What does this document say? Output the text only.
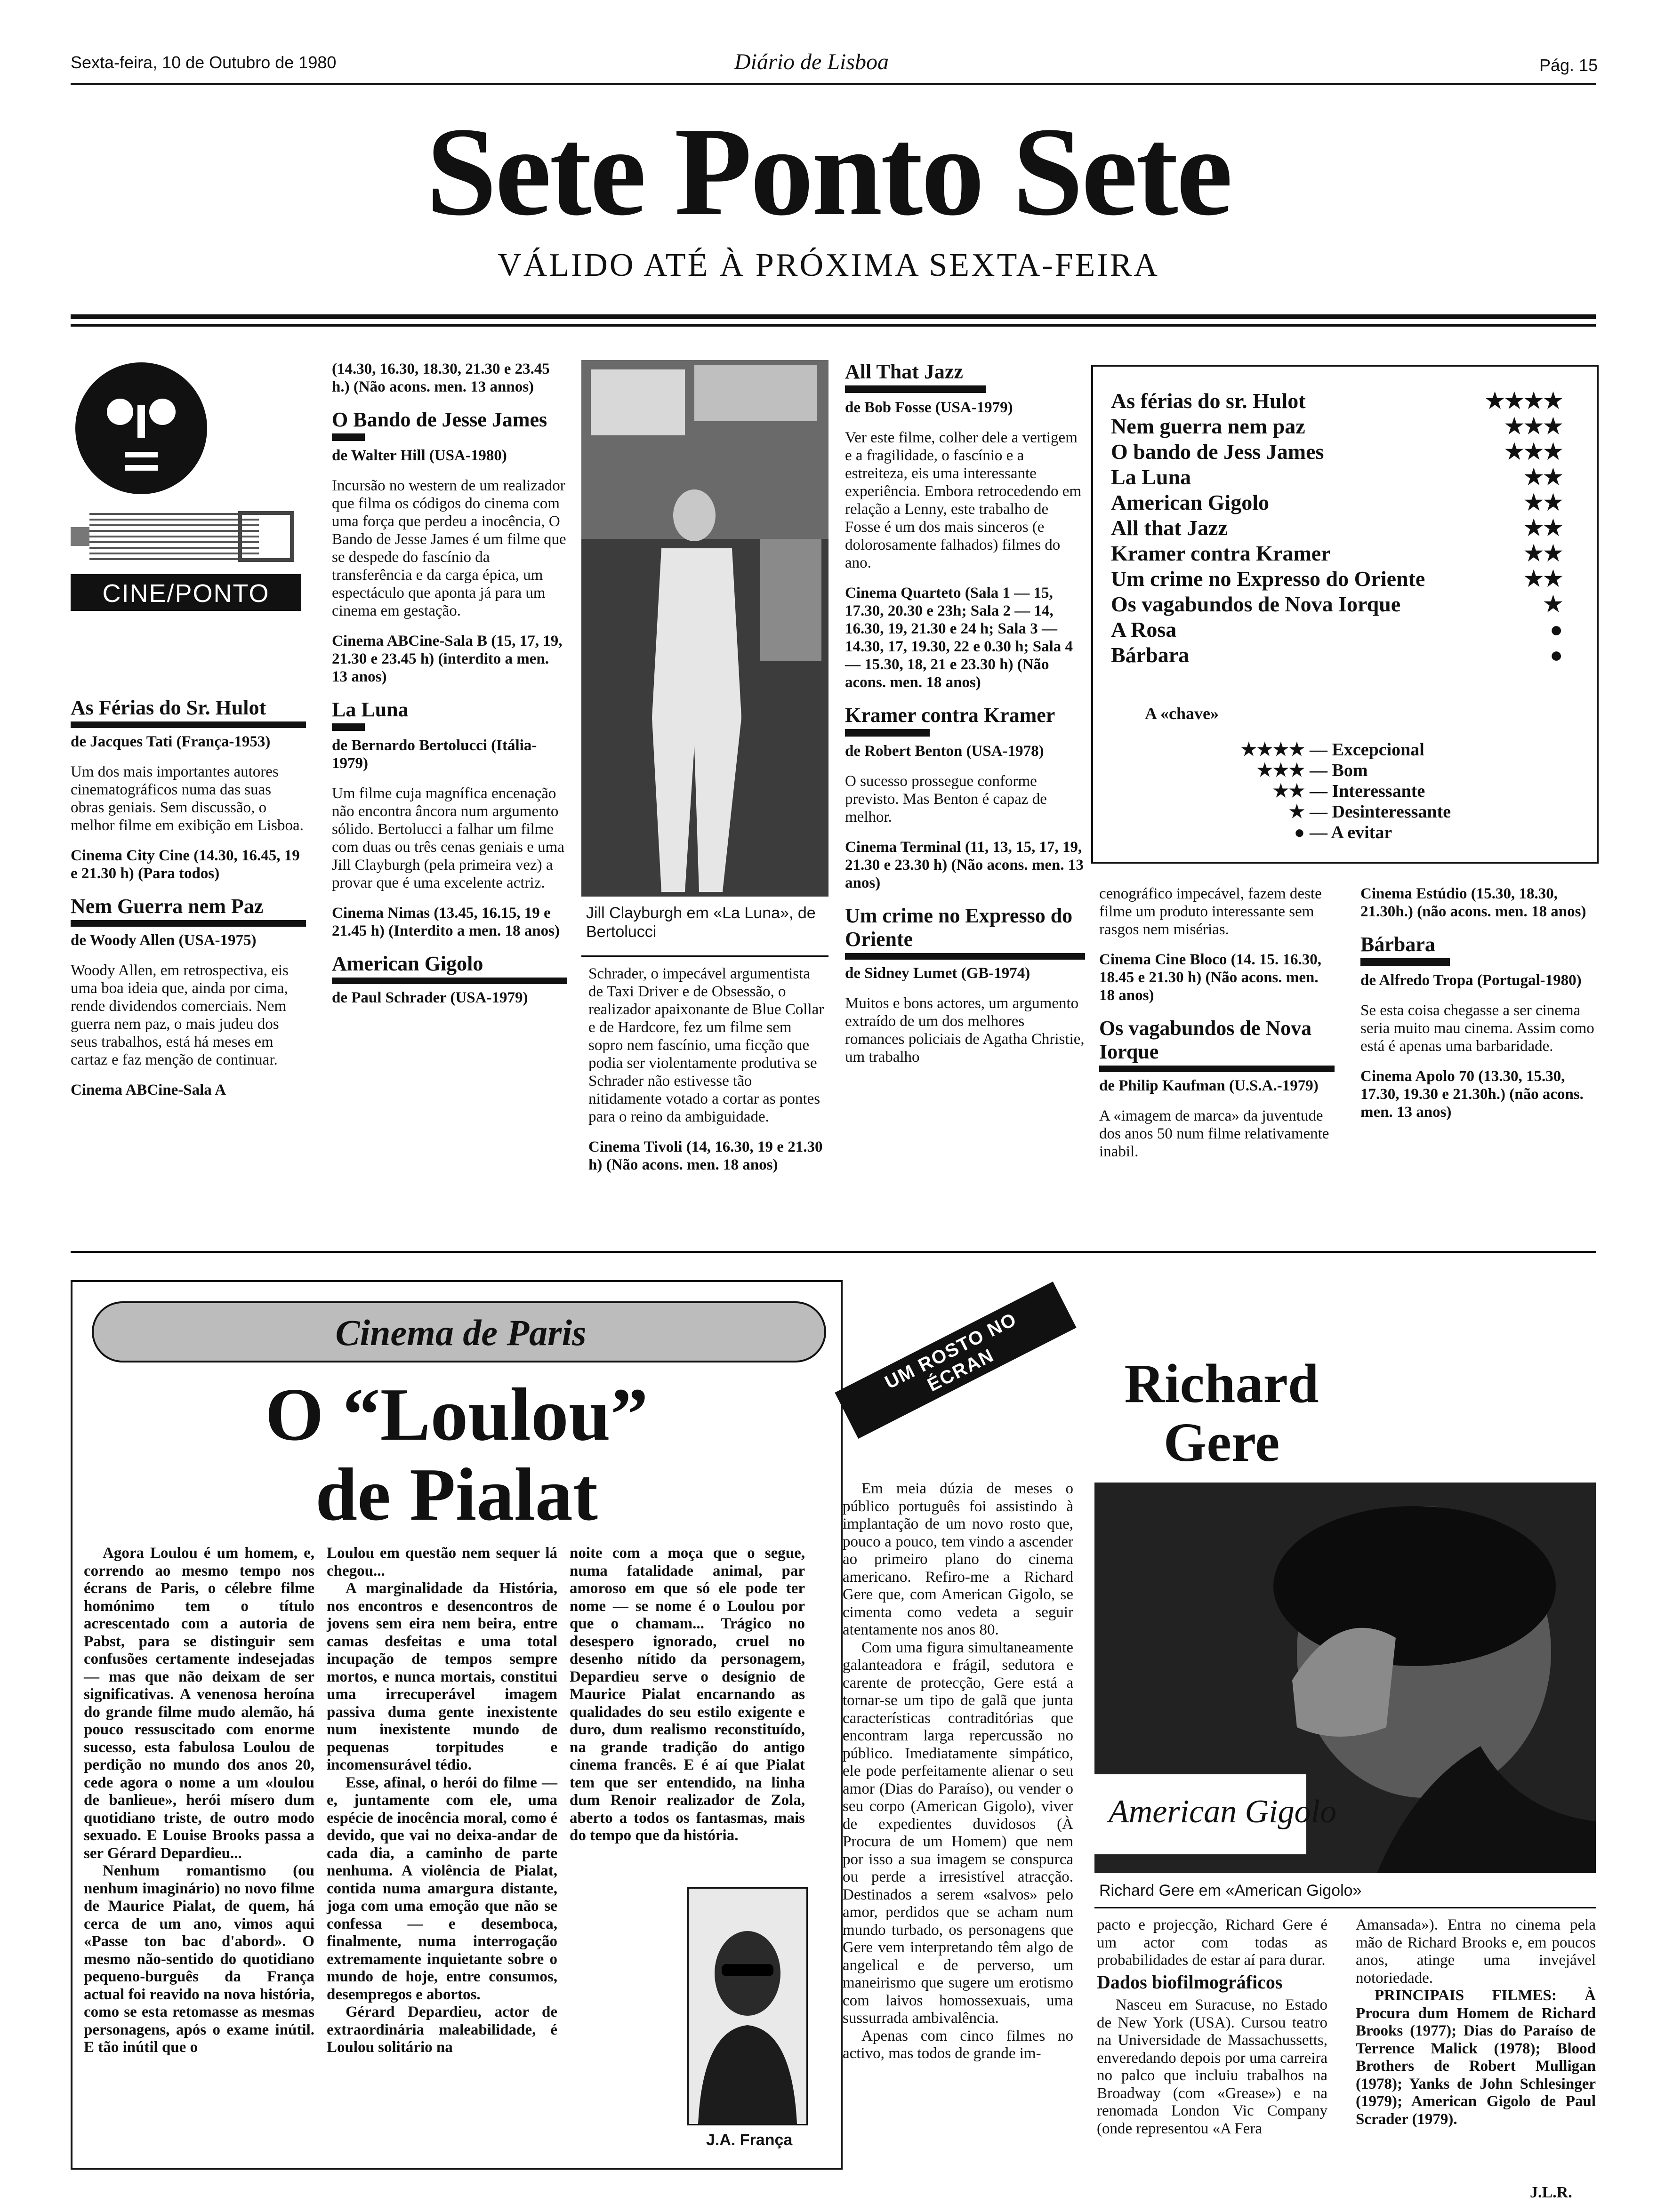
Sexta-feira, 10 de Outubro de 1980	Diário de Lisboa	Pág. 15
Sete Ponto Sete
VÁLIDO ATÉ À PRÓXIMA SEXTA-FEIRA
CINE/PONTO
As Férias do Sr. Hulot

de Jacques Tati (França-1953)

Um dos mais importantes autores cinematográficos numa das suas obras geniais. Sem discussão, o melhor filme em exibição em Lisboa.

Cinema City Cine (14.30, 16.45, 19 e 21.30 h) (Para todos)

Nem Guerra nem Paz

de Woody Allen (USA-1975)

Woody Allen, em retrospectiva, eis uma boa ideia que, ainda por cima, rende dividendos comerciais. Nem guerra nem paz, o mais judeu dos seus trabalhos, está há meses em cartaz e faz menção de continuar.

Cinema ABCine-Sala A

(14.30, 16.30, 18.30, 21.30 e 23.45 h.) (Não acons. men. 13 annos)

O Bando de Jesse James

de Walter Hill (USA-1980)

Incursão no western de um realizador que filma os códigos do cinema com uma força que perdeu a inocência, O Bando de Jesse James é um filme que se despede do fascínio da transferência e da carga épica, um espectáculo que aponta já para um cinema em gestação.

Cinema ABCine-Sala B (15, 17, 19, 21.30 e 23.45 h) (interdito a men. 13 anos)

La Luna

de Bernardo Bertolucci (Itália-1979)

Um filme cuja magnífica encenação não encontra âncora num argumento sólido. Bertolucci a falhar um filme com duas ou três cenas geniais e uma Jill Clayburgh (pela primeira vez) a provar que é uma excelente actriz.

Cinema Nimas (13.45, 16.15, 19 e 21.45 h) (Interdito a men. 18 anos)

American Gigolo

de Paul Schrader (USA-1979)

Jill Clayburgh em «La Luna», de Bertolucci

Schrader, o impecável argumentista de Taxi Driver e de Obsessão, o realizador apaixonante de Blue Collar e de Hardcore, fez um filme sem sopro nem fascínio, uma ficção que podia ser violentamente produtiva se Schrader não estivesse tão nitidamente votado a cortar as pontes para o reino da ambiguidade.

Cinema Tivoli (14, 16.30, 19 e 21.30 h) (Não acons. men. 18 anos)

All That Jazz

de Bob Fosse (USA-1979)

Ver este filme, colher dele a vertigem e a fragilidade, o fascínio e a estreiteza, eis uma interessante experiência. Embora retrocedendo em relação a Lenny, este trabalho de Fosse é um dos mais sinceros (e dolorosamente falhados) filmes do ano.

Cinema Quarteto (Sala 1 — 15, 17.30, 20.30 e 23h; Sala 2 — 14, 16.30, 19, 21.30 e 24 h; Sala 3 — 14.30, 17, 19.30, 22 e 0.30 h; Sala 4 — 15.30, 18, 21 e 23.30 h) (Não acons. men. 18 anos)

Kramer contra Kramer

de Robert Benton (USA-1978)

O sucesso prossegue conforme previsto. Mas Benton é capaz de melhor.

Cinema Terminal (11, 13, 15, 17, 19, 21.30 e 23.30 h) (Não acons. men. 13 anos)

Um crime no Expresso do Oriente

de Sidney Lumet (GB-1974)

Muitos e bons actores, um argumento extraído de um dos melhores romances policiais de Agatha Christie, um trabalho

As férias do sr. Hulot	★★★★
Nem guerra nem paz	★★★
O bando de Jess James	★★★
La Luna	★★
American Gigolo	★★
All that Jazz	★★
Kramer contra Kramer	★★
Um crime no Expresso do Oriente	★★
Os vagabundos de Nova Iorque	★
A Rosa	●
Bárbara	●
A «chave»
★★★★ — Excepcional
★★★ — Bom
★★ — Interessante
★ — Desinteressante
● — A evitar

cenográfico impecável, fazem deste filme um produto interessante sem rasgos nem misérias.

Cinema Cine Bloco (14. 15. 16.30, 18.45 e 21.30 h) (Não acons. men. 18 anos)

Os vagabundos de Nova Iorque

de Philip Kaufman (U.S.A.-1979)

A «imagem de marca» da juventude dos anos 50 num filme relativamente inabil.

Cinema Estúdio (15.30, 18.30, 21.30h.) (não acons. men. 18 anos)

Bárbara

de Alfredo Tropa (Portugal-1980)

Se esta coisa chegasse a ser cinema seria muito mau cinema. Assim como está é apenas uma barbaridade.

Cinema Apolo 70 (13.30, 15.30, 17.30, 19.30 e 21.30h.) (não acons. men. 13 anos)

Cinema de Paris
O “Loulou”
de Pialat

Agora Loulou é um homem, e, correndo ao mesmo tempo nos écrans de Paris, o célebre filme homónimo tem o título acrescentado com a autoria de Pabst, para se distinguir sem confusões certamente indesejadas — mas que não deixam de ser significativas. A venenosa heroína do grande filme mudo alemão, há pouco ressuscitado com enorme sucesso, esta fabulosa Loulou de perdição no mundo dos anos 20, cede agora o nome a um «loulou de banlieue», herói mísero dum quotidiano triste, de outro modo sexuado. E Louise Brooks passa a ser Gérard Depardieu...

Nenhum romantismo (ou nenhum imaginário) no novo filme de Maurice Pialat, de quem, há cerca de um ano, vimos aqui «Passe ton bac d'abord». O mesmo não-sentido do quotidiano pequeno-burguês da França actual foi reavido na nova história, como se esta retomasse as mesmas personagens, após o exame inútil. E tão inútil que o

Loulou em questão nem sequer lá chegou...

A marginalidade da História, nos encontros e desencontros de jovens sem eira nem beira, entre camas desfeitas e uma total incupação de tempos sempre mortos, e nunca mortais, constitui uma irrecuperável imagem passiva duma gente inexistente num inexistente mundo de pequenas torpitudes e incomensurável tédio.

Esse, afinal, o herói do filme — e, juntamente com ele, uma espécie de inocência moral, como é devido, que vai no deixa-andar de cada dia, a caminho de parte nenhuma. A violência de Pialat, contida numa amargura distante, joga com uma emoção que não se confessa — e desemboca, finalmente, numa interrogação extremamente inquietante sobre o mundo de hoje, entre consumos, desempregos e abortos.

Gérard Depardieu, actor de extraordinária maleabilidade, é Loulou solitário na

noite com a moça que o segue, numa fatalidade animal, par amoroso em que só ele pode ter nome — se nome é o Loulou por que o chamam... Trágico no desespero ignorado, cruel no desenho nítido da personagem, Depardieu serve o desígnio de Maurice Pialat encarnando as qualidades do seu estilo exigente e duro, dum realismo reconstituído, na grande tradição do antigo cinema francês. E é aí que Pialat tem que ser entendido, na linha dum Renoir realizador de Zola, aberto a todos os fantasmas, mais do tempo que da história.

J.A. França
UM ROSTO NO ÉCRAN	Richard
Gere
American Gigolo
Richard Gere em «American Gigolo»

Em meia dúzia de meses o público português foi assistindo à implantação de um novo rosto que, pouco a pouco, tem vindo a ascender ao primeiro plano do cinema americano. Refiro-me a Richard Gere que, com American Gigolo, se cimenta como vedeta a seguir atentamente nos anos 80.

Com uma figura simultaneamente galanteadora e frágil, sedutora e carente de protecção, Gere está a tornar-se um tipo de galã que junta características contraditórias que encontram larga repercussão no público. Imediatamente simpático, ele pode perfeitamente alienar o seu amor (Dias do Paraíso), ou vender o seu corpo (American Gigolo), viver de expedientes duvidosos (À Procura de um Homem) que nem por isso a sua imagem se conspurca ou perde a irresistível atracção. Destinados a serem «salvos» pelo amor, perdidos que se acham num mundo turbado, os personagens que Gere vem interpretando têm algo de angelical e de perverso, um maneirismo que sugere um erotismo com laivos homossexuais, uma sussurrada ambivalência.

Apenas com cinco filmes no activo, mas todos de grande im-

pacto e projecção, Richard Gere é um actor com todas as probabilidades de estar aí para durar.

Dados biofilmográficos

Nasceu em Suracuse, no Estado de New York (USA). Cursou teatro na Universidade de Massachussetts, enveredando depois por uma carreira no palco que incluiu trabalhos na Broadway (com «Grease») e na renomada London Vic Company (onde representou «A Fera

Amansada»). Entra no cinema pela mão de Richard Brooks e, em poucos anos, atinge uma invejável notoriedade.

PRINCIPAIS FILMES: À Procura dum Homem de Richard Brooks (1977); Dias do Paraíso de Terrence Malick (1978); Blood Brothers de Robert Mulligan (1978); Yanks de John Schlesinger (1979); American Gigolo de Paul Scrader (1979).

J.L.R.
